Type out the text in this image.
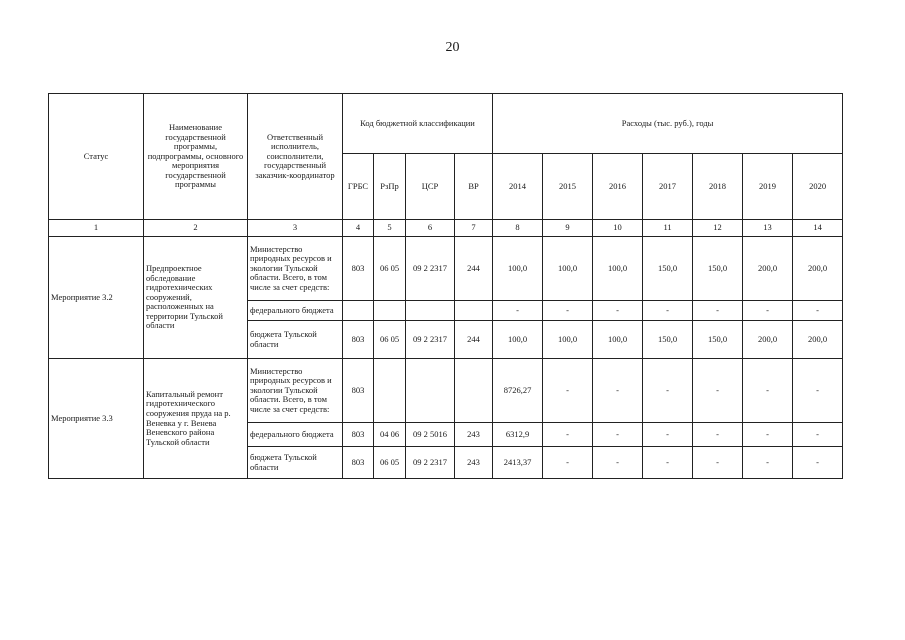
20
Статус	Наименование государственной программы, подпрограммы, основного мероприятия государственной программы	Ответственный исполнитель, соисполнители, государственный заказчик-координатор	Код бюджетной классификации				Расходы (тыс. руб.), годы						
			ГРБС	РзПр	ЦСР	ВР	2014	2015	2016	2017	2018	2019	2020
1	2	3	4	5	6	7	8	9	10	11	12	13	14
Мероприятие 3.2	Предпроектное обследование гидротехнических сооружений, расположенных на территории Тульской области	Министерство природных ресурсов и экологии Тульской области. Всего, в том числе за счет средств:	803	06 05	09 2 2317	244	100,0	100,0	100,0	150,0	150,0	200,0	200,0
		федерального бюджета					-	-	-	-	-	-	-
		бюджета Тульской области	803	06 05	09 2 2317	244	100,0	100,0	100,0	150,0	150,0	200,0	200,0
Мероприятие 3.3	Капитальный ремонт гидротехнического сооружения пруда на р. Веневка у г. Венева Веневского района Тульской области	Министерство природных ресурсов и экологии Тульской области. Всего, в том числе за счет средств:	803				8726,27	-	-	-	-	-	-
		федерального бюджета	803	04 06	09 2 5016	243	6312,9	-	-	-	-	-	-
		бюджета Тульской области	803	06 05	09 2 2317	243	2413,37	-	-	-	-	-	-
